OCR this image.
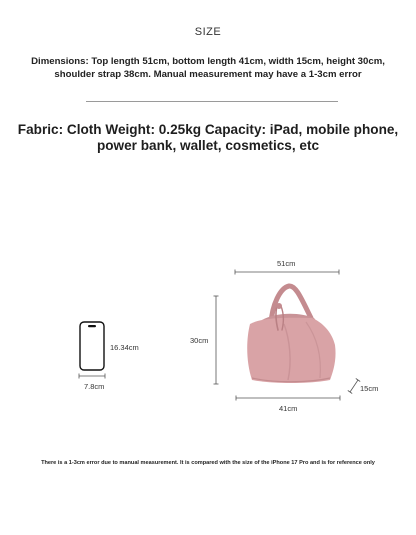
SIZE
Dimensions: Top length 51cm, bottom length 41cm, width 15cm, height 30cm, shoulder strap 38cm. Manual measurement may have a 1-3cm error
Fabric: Cloth Weight: 0.25kg Capacity: iPad, mobile phone, power bank, wallet, cosmetics, etc
16.34cm
7.8cm
51cm
30cm
41cm
15cm
There is a 1-3cm error due to manual measurement. It is compared with the size of the iPhone 17 Pro and is for reference only
